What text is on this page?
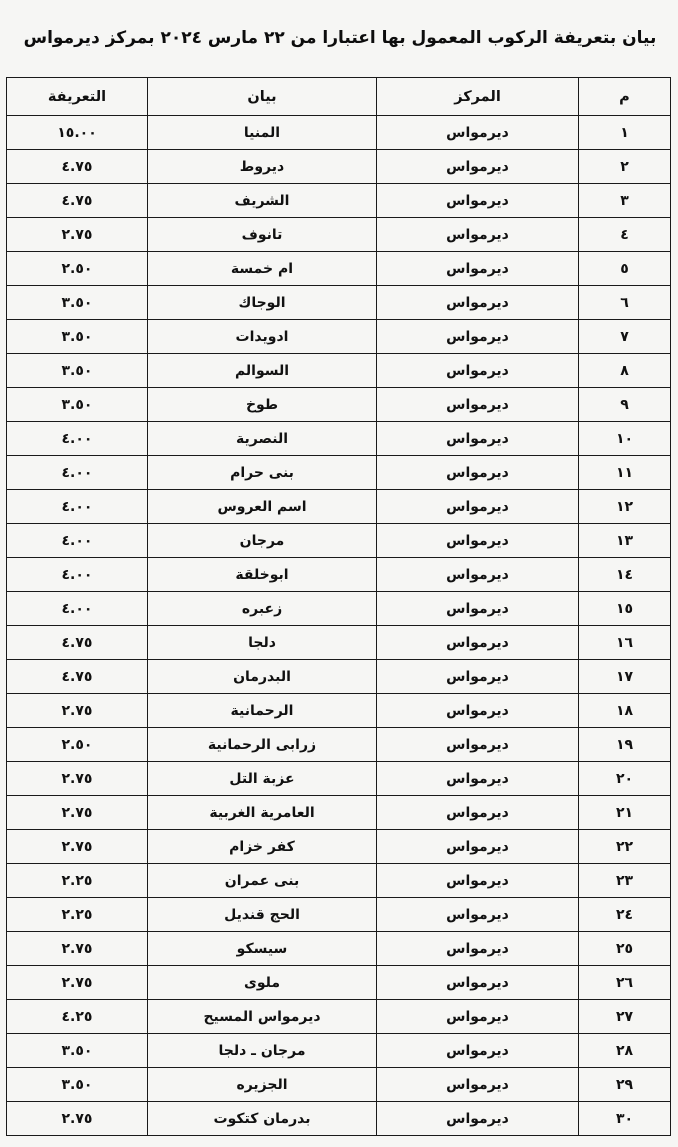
بيان بتعريفة الركوب المعمول بها اعتبارا من ٢٢ مارس ٢٠٢٤ بمركز ديرمواس
م	المركز	بيان	التعريفة
١	ديرمواس	المنيا	١٥.٠٠
٢	ديرمواس	ديروط	٤.٧٥
٣	ديرمواس	الشريف	٤.٧٥
٤	ديرمواس	تانوف	٢.٧٥
٥	ديرمواس	ام خمسة	٢.٥٠
٦	ديرمواس	الوجاك	٣.٥٠
٧	ديرمواس	ادويدات	٣.٥٠
٨	ديرمواس	السوالم	٣.٥٠
٩	ديرمواس	طوخ	٣.٥٠
١٠	ديرمواس	النصرية	٤.٠٠
١١	ديرمواس	بنى حرام	٤.٠٠
١٢	ديرمواس	اسم العروس	٤.٠٠
١٣	ديرمواس	مرجان	٤.٠٠
١٤	ديرمواس	ابوخلقة	٤.٠٠
١٥	ديرمواس	زعبره	٤.٠٠
١٦	ديرمواس	دلجا	٤.٧٥
١٧	ديرمواس	البدرمان	٤.٧٥
١٨	ديرمواس	الرحمانية	٢.٧٥
١٩	ديرمواس	زرابى الرحمانية	٢.٥٠
٢٠	ديرمواس	عزبة التل	٢.٧٥
٢١	ديرمواس	العامرية الغربية	٢.٧٥
٢٢	ديرمواس	كفر خزام	٢.٧٥
٢٣	ديرمواس	بنى عمران	٢.٢٥
٢٤	ديرمواس	الحج قنديل	٢.٢٥
٢٥	ديرمواس	سيسكو	٢.٧٥
٢٦	ديرمواس	ملوى	٢.٧٥
٢٧	ديرمواس	ديرمواس المسيح	٤.٢٥
٢٨	ديرمواس	مرجان ـ دلجا	٣.٥٠
٢٩	ديرمواس	الجزيره	٣.٥٠
٣٠	ديرمواس	بدرمان كتكوت	٢.٧٥
